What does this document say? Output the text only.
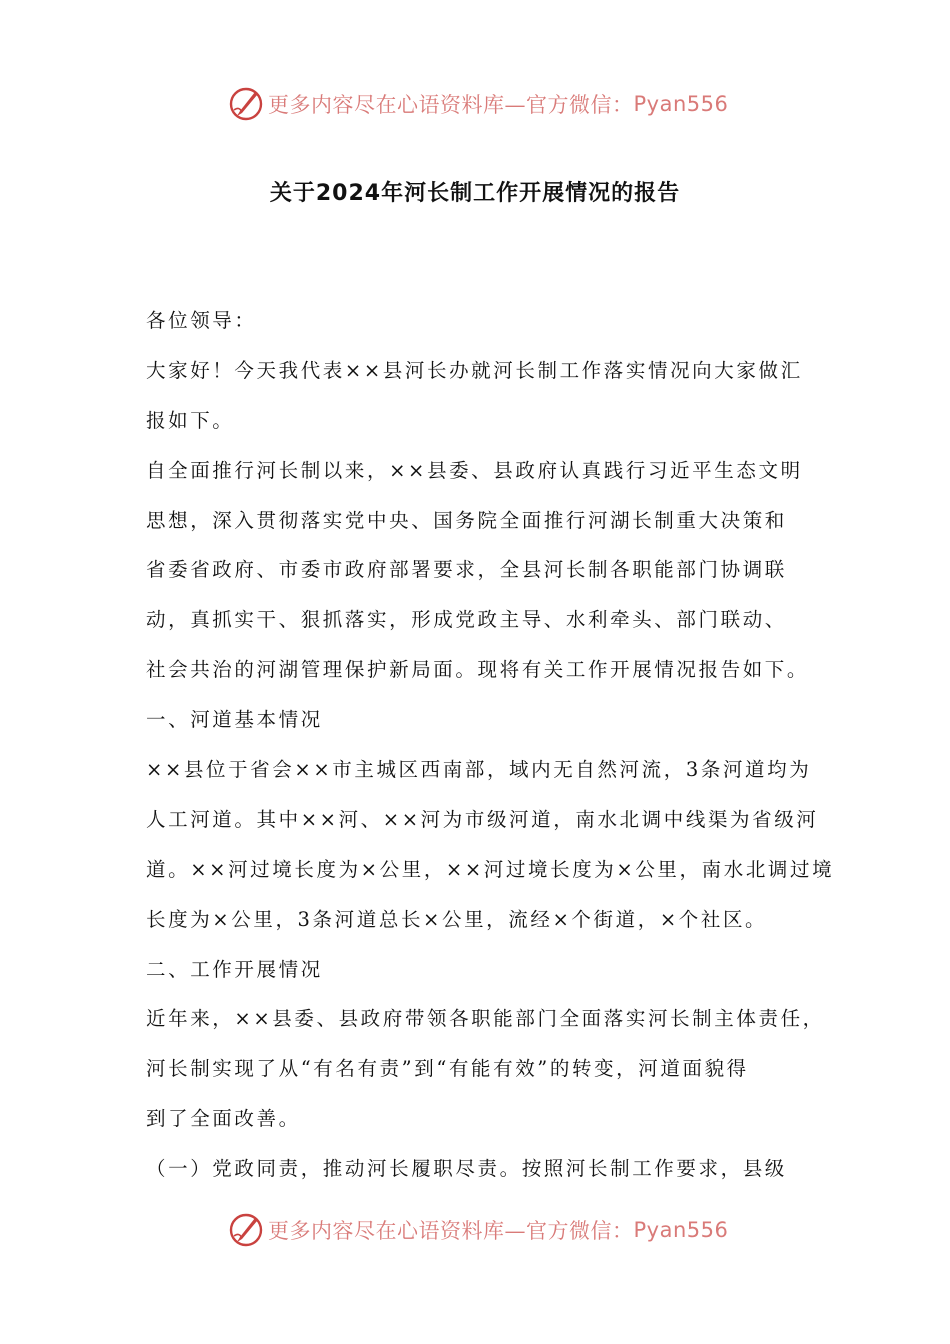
更多内容尽在心语资料库—官方微信： Pyan556
关于2024年河长制工作开展情况的报告
各位领导：
大家好！今天我代表××县河长办就河长制工作落实情况向大家做汇
报如下。
自全面推行河长制以来，××县委、县政府认真践行习近平生态文明
思想，深入贯彻落实党中央、国务院全面推行河湖长制重大决策和
省委省政府、市委市政府部署要求，全县河长制各职能部门协调联
动，真抓实干、狠抓落实，形成党政主导、水利牵头、部门联动、
社会共治的河湖管理保护新局面。现将有关工作开展情况报告如下。
一、河道基本情况
××县位于省会××市主城区西南部，域内无自然河流，3条河道均为
人工河道。其中××河、××河为市级河道，南水北调中线渠为省级河
道。××河过境长度为×公里，××河过境长度为×公里，南水北调过境
长度为×公里，3条河道总长×公里，流经×个街道，×个社区。
二、工作开展情况
近年来，××县委、县政府带领各职能部门全面落实河长制主体责任，
河长制实现了从“有名有责”到“有能有效”的转变，河道面貌得
到了全面改善。
（一）党政同责，推动河长履职尽责。按照河长制工作要求，县级
更多内容尽在心语资料库—官方微信： Pyan556
